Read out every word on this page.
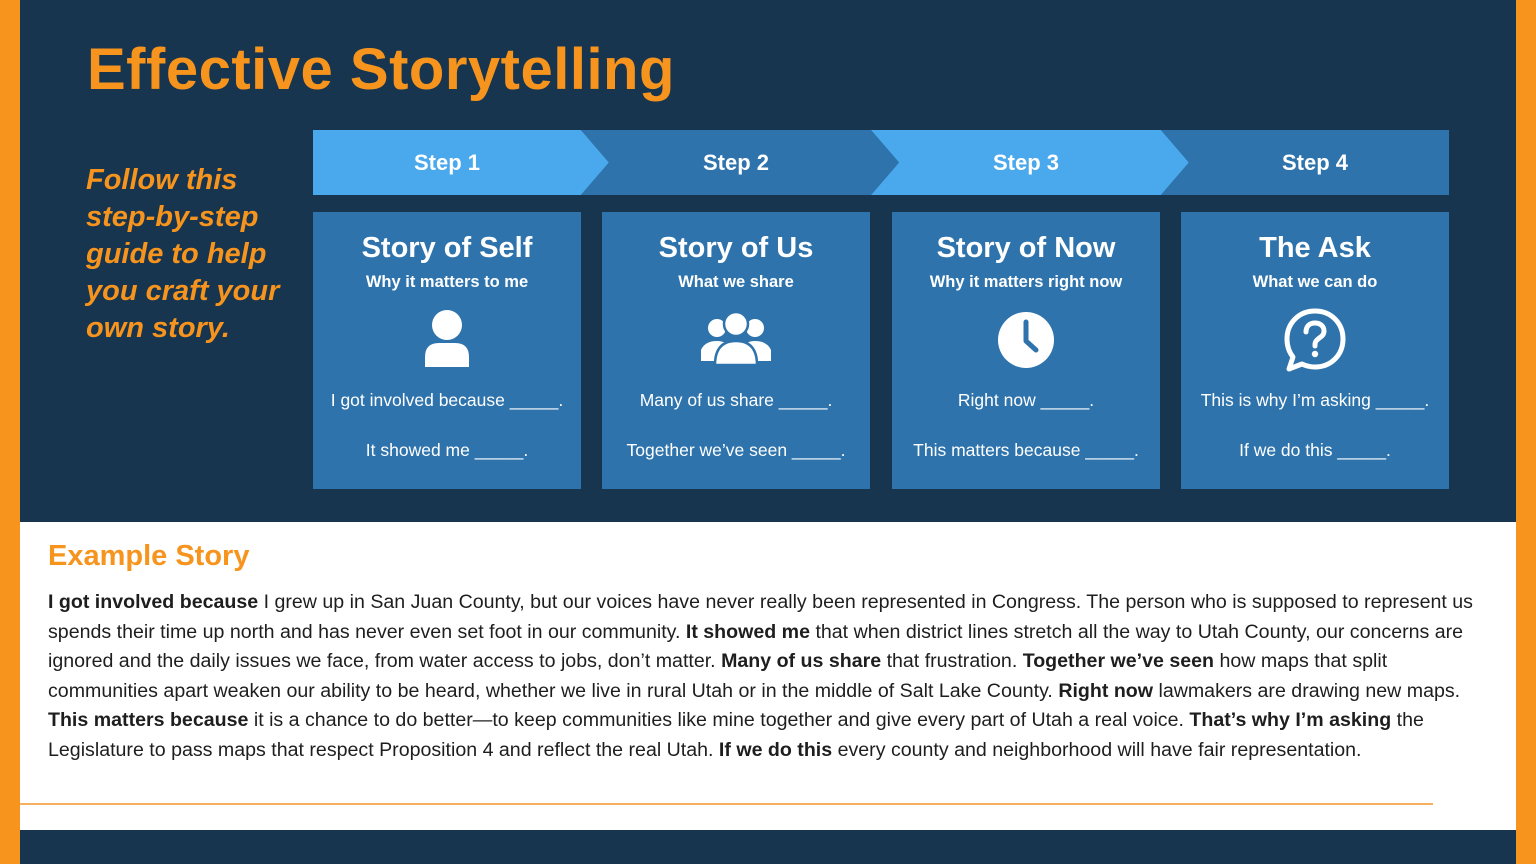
Effective Storytelling

Follow this step-by-step guide to help you craft your own story.

Step 1	Step 2	Step 3	Step 4
Story of Self
Why it matters to me
I got involved because _____.
It showed me _____.
Story of Us
What we share
Many of us share _____.
Together we’ve seen _____.
Story of Now
Why it matters right now
Right now _____.
This matters because _____.
The Ask
What we can do
This is why I’m asking _____.
If we do this _____.
Example Story

I got involved because I grew up in San Juan County, but our voices have never really been represented in Congress. The person who is supposed to represent us spends their time up north and has never even set foot in our community. It showed me that when district lines stretch all the way to Utah County, our concerns are ignored and the daily issues we face, from water access to jobs, don’t matter. Many of us share that frustration. Together we’ve seen how maps that split communities apart weaken our ability to be heard, whether we live in rural Utah or in the middle of Salt Lake County. Right now lawmakers are drawing new maps. This matters because it is a chance to do better—to keep communities like mine together and give every part of Utah a real voice. That’s why I’m asking the Legislature to pass maps that respect Proposition 4 and reflect the real Utah. If we do this every county and neighborhood will have fair representation.
